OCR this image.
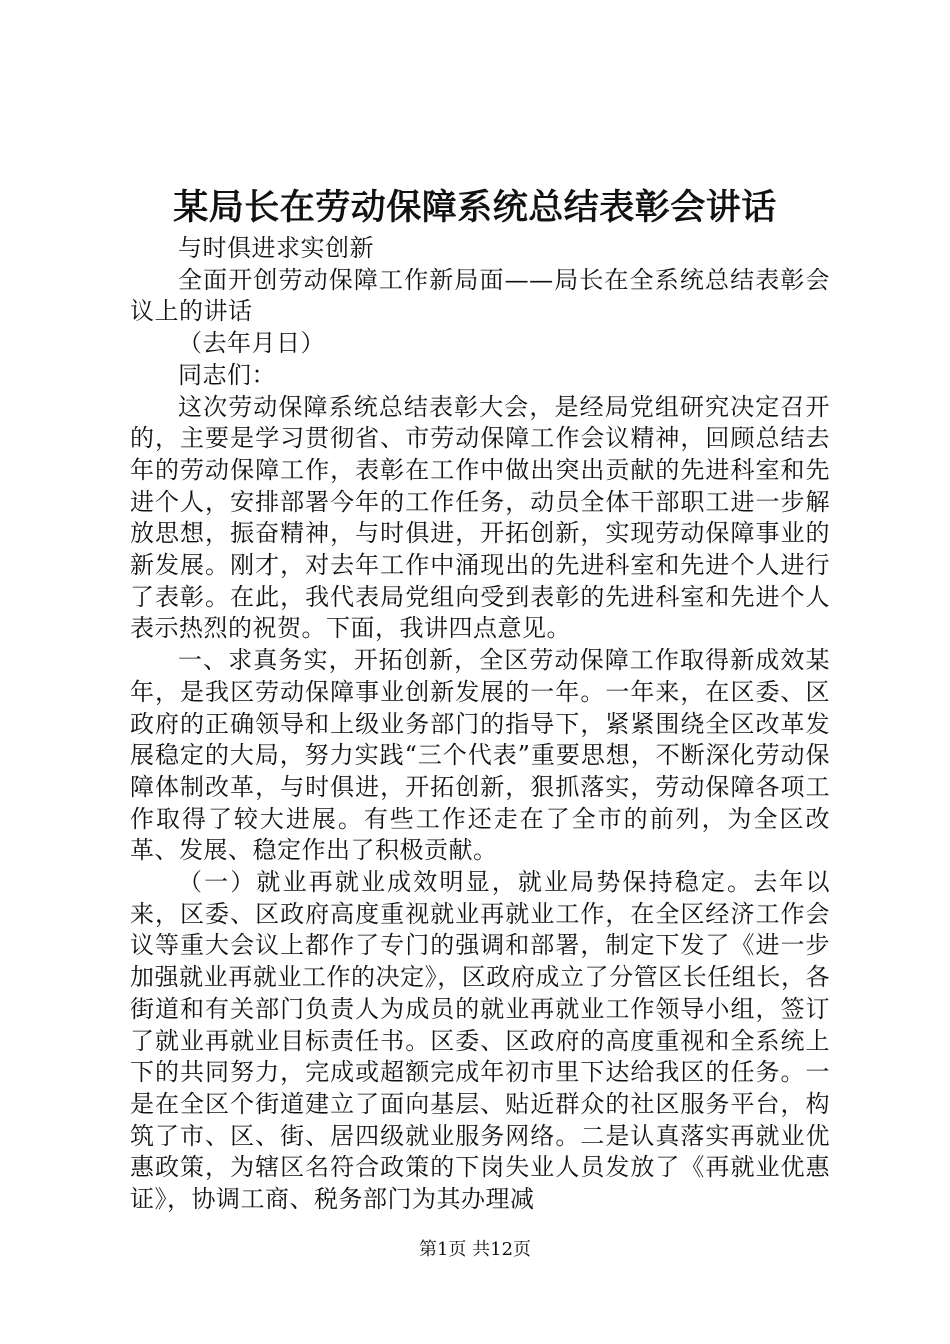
某局长在劳动保障系统总结表彰会讲话

与时俱进求实创新

全面开创劳动保障工作新局面——局长在全系统总结表彰会议上的讲话

（去年月日）

同志们：

这次劳动保障系统总结表彰大会，是经局党组研究决定召开的，主要是学习贯彻省、市劳动保障工作会议精神，回顾总结去年的劳动保障工作，表彰在工作中做出突出贡献的先进科室和先进个人，安排部署今年的工作任务，动员全体干部职工进一步解放思想，振奋精神，与时俱进，开拓创新，实现劳动保障事业的新发展。刚才，对去年工作中涌现出的先进科室和先进个人进行了表彰。在此，我代表局党组向受到表彰的先进科室和先进个人表示热烈的祝贺。下面，我讲四点意见。

一、求真务实，开拓创新，全区劳动保障工作取得新成效某年，是我区劳动保障事业创新发展的一年。一年来，在区委、区政府的正确领导和上级业务部门的指导下，紧紧围绕全区改革发展稳定的大局，努力实践“三个代表”重要思想，不断深化劳动保障体制改革，与时俱进，开拓创新，狠抓落实，劳动保障各项工作取得了较大进展。有些工作还走在了全市的前列，为全区改革、发展、稳定作出了积极贡献。

（一）就业再就业成效明显，就业局势保持稳定。去年以来，区委、区政府高度重视就业再就业工作，在全区经济工作会议等重大会议上都作了专门的强调和部署，制定下发了《进一步加强就业再就业工作的决定》，区政府成立了分管区长任组长，各街道和有关部门负责人为成员的就业再就业工作领导小组，签订了就业再就业目标责任书。区委、区政府的高度重视和全系统上下的共同努力，完成或超额完成年初市里下达给我区的任务。一是在全区个街道建立了面向基层、贴近群众的社区服务平台，构筑了市、区、街、居四级就业服务网络。二是认真落实再就业优惠政策，为辖区名符合政策的下岗失业人员发放了《再就业优惠证》，协调工商、税务部门为其办理减

第1页 共12页
